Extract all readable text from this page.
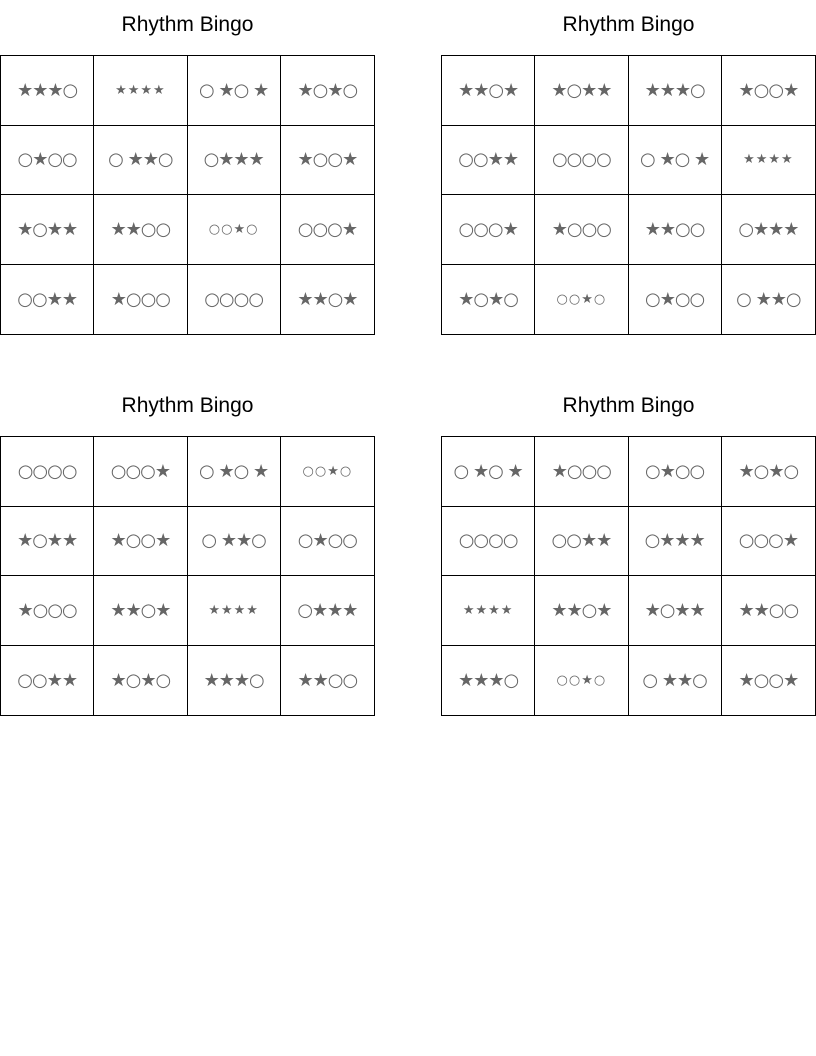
Rhythm Bingo
★★★○	★★★★	○ ★○ ★	★○★○
○★○○	○ ★★○	○★★★	★○○★
★○★★	★★○○	○○★○	○○○★
○○★★	★○○○	○○○○	★★○★
Rhythm Bingo
★★○★	★○★★	★★★○	★○○★
○○★★	○○○○	○ ★○ ★	★★★★
○○○★	★○○○	★★○○	○★★★
★○★○	○○★○	○★○○	○ ★★○
Rhythm Bingo
○○○○	○○○★	○ ★○ ★	○○★○
★○★★	★○○★	○ ★★○	○★○○
★○○○	★★○★	★★★★	○★★★
○○★★	★○★○	★★★○	★★○○
Rhythm Bingo
○ ★○ ★	★○○○	○★○○	★○★○
○○○○	○○★★	○★★★	○○○★
★★★★	★★○★	★○★★	★★○○
★★★○	○○★○	○ ★★○	★○○★
